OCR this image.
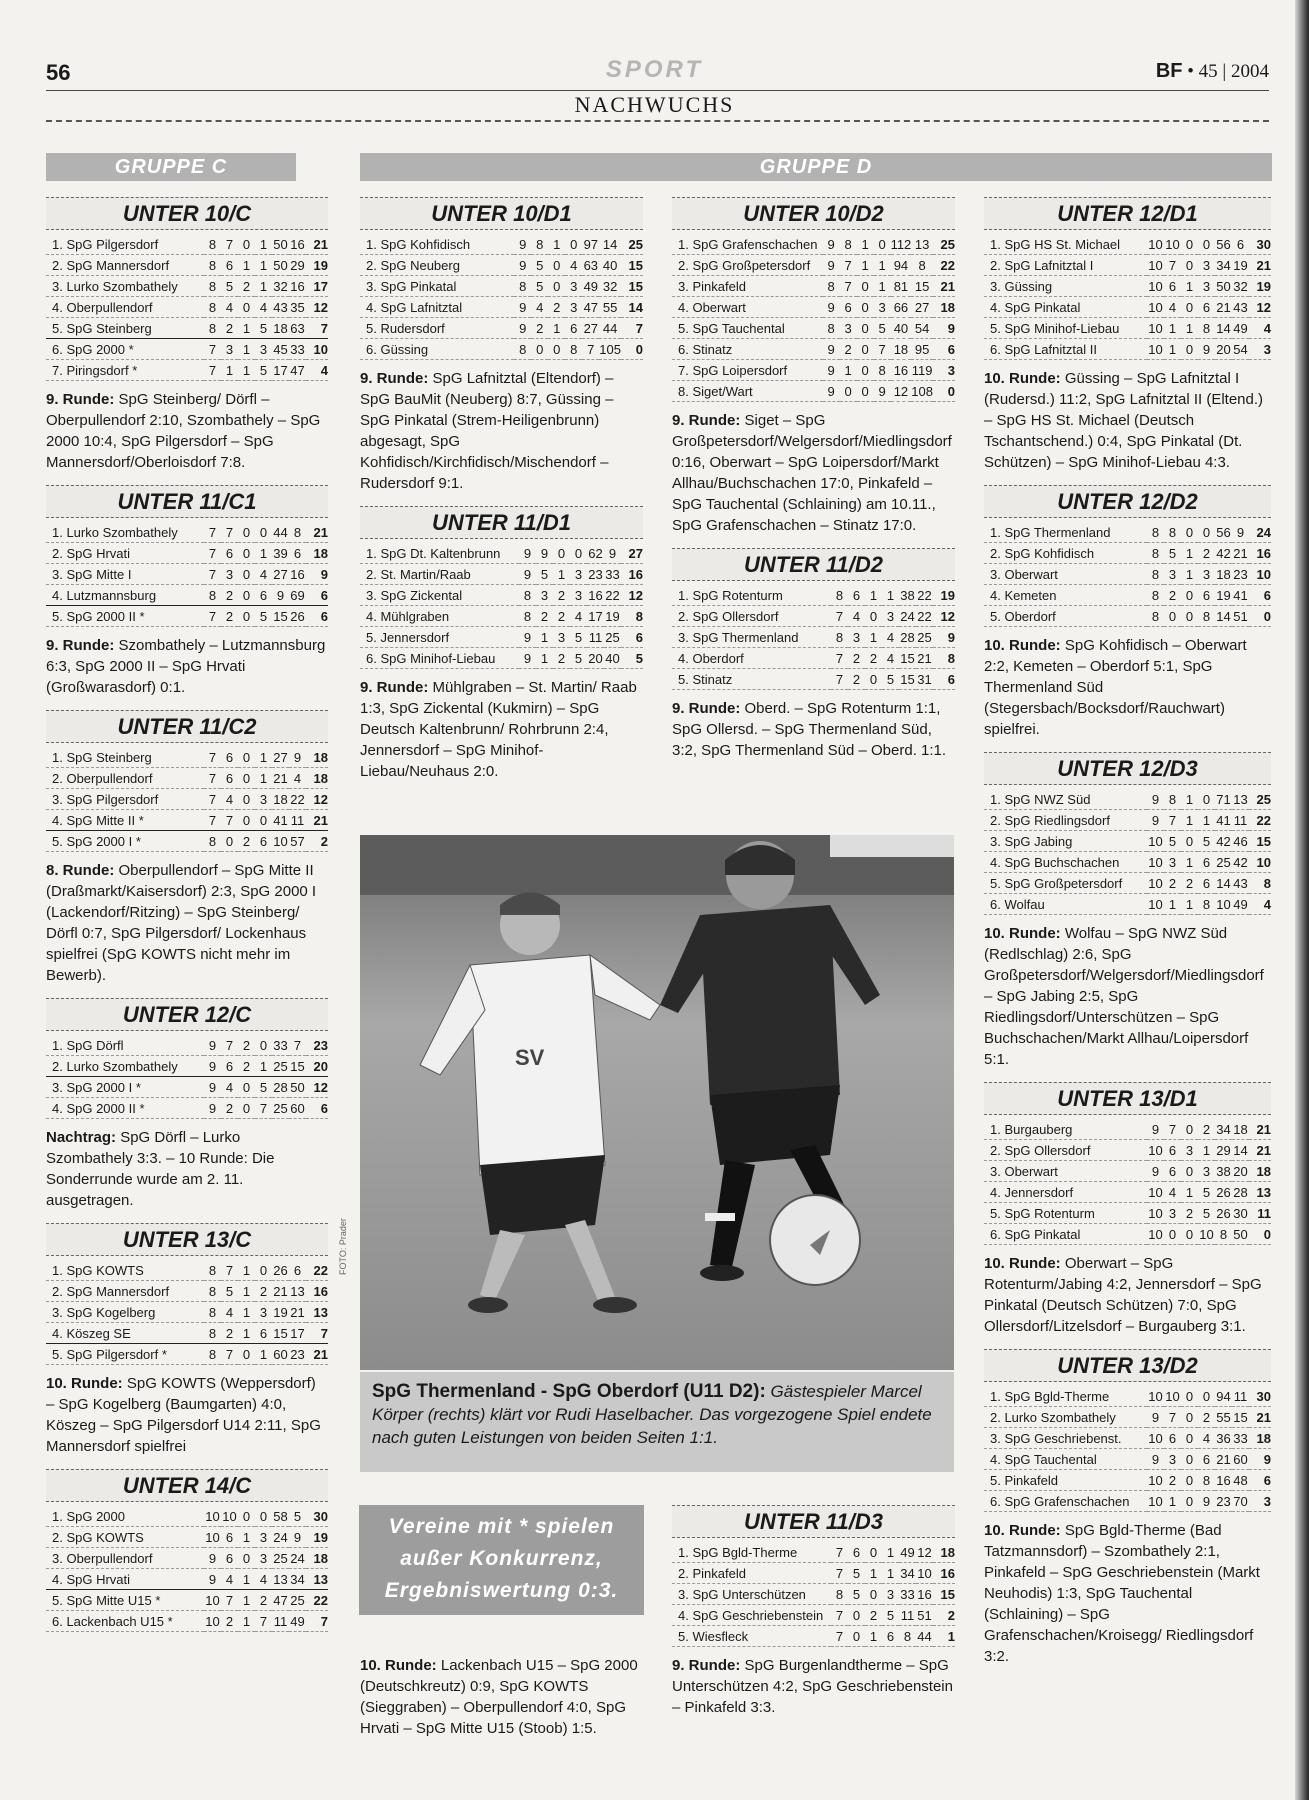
56	SPORT	BF • 45 | 2004
NACHWUCHS
GRUPPE C	GRUPPE D
UNTER 10/C
1. SpG Pilgersdorf	8	7	0	1	50	16	21
2. SpG Mannersdorf	8	6	1	1	50	29	19
3. Lurko Szombathely	8	5	2	1	32	16	17
4. Oberpullendorf	8	4	0	4	43	35	12
5. SpG Steinberg	8	2	1	5	18	63	7
6. SpG 2000 *	7	3	1	3	45	33	10
7. Piringsdorf *	7	1	1	5	17	47	4

9. Runde: SpG Steinberg/ Dörfl – Oberpullendorf 2:10, Szombathely – SpG 2000 10:4, SpG Pilgersdorf – SpG Mannersdorf/Oberloisdorf 7:8.

UNTER 11/C1
1. Lurko Szombathely	7	7	0	0	44	8	21
2. SpG Hrvati	7	6	0	1	39	6	18
3. SpG Mitte I	7	3	0	4	27	16	9
4. Lutzmannsburg	8	2	0	6	9	69	6
5. SpG 2000 II *	7	2	0	5	15	26	6

9. Runde: Szombathely – Lutzmannsburg 6:3, SpG 2000 II – SpG Hrvati (Großwarasdorf) 0:1.

UNTER 11/C2
1. SpG Steinberg	7	6	0	1	27	9	18
2. Oberpullendorf	7	6	0	1	21	4	18
3. SpG Pilgersdorf	7	4	0	3	18	22	12
4. SpG Mitte II *	7	7	0	0	41	11	21
5. SpG 2000 I *	8	0	2	6	10	57	2

8. Runde: Oberpullendorf – SpG Mitte II (Draßmarkt/Kaisersdorf) 2:3, SpG 2000 I (Lackendorf/Ritzing) – SpG Steinberg/ Dörfl 0:7, SpG Pilgersdorf/ Lockenhaus spielfrei (SpG KOWTS nicht mehr im Bewerb).

UNTER 12/C
1. SpG Dörfl	9	7	2	0	33	7	23
2. Lurko Szombathely	9	6	2	1	25	15	20
3. SpG 2000 I *	9	4	0	5	28	50	12
4. SpG 2000 II *	9	2	0	7	25	60	6

Nachtrag: SpG Dörfl – Lurko Szombathely 3:3. – 10 Runde: Die Sonderrunde wurde am 2. 11. ausgetragen.

UNTER 13/C
1. SpG KOWTS	8	7	1	0	26	6	22
2. SpG Mannersdorf	8	5	1	2	21	13	16
3. SpG Kogelberg	8	4	1	3	19	21	13
4. Köszeg SE	8	2	1	6	15	17	7
5. SpG Pilgersdorf *	8	7	0	1	60	23	21

10. Runde: SpG KOWTS (Weppersdorf) – SpG Kogelberg (Baumgarten) 4:0, Köszeg – SpG Pilgersdorf U14 2:11, SpG Mannersdorf spielfrei

UNTER 14/C
1. SpG 2000	10	10	0	0	58	5	30
2. SpG KOWTS	10	6	1	3	24	9	19
3. Oberpullendorf	9	6	0	3	25	24	18
4. SpG Hrvati	9	4	1	4	13	34	13
5. SpG Mitte U15 *	10	7	1	2	47	25	22
6. Lackenbach U15 *	10	2	1	7	11	49	7
UNTER 10/D1
1. SpG Kohfidisch	9	8	1	0	97	14	25
2. SpG Neuberg	9	5	0	4	63	40	15
3. SpG Pinkatal	8	5	0	3	49	32	15
4. SpG Lafnitztal	9	4	2	3	47	55	14
5. Rudersdorf	9	2	1	6	27	44	7
6. Güssing	8	0	0	8	7	105	0

9. Runde: SpG Lafnitztal (Eltendorf) – SpG BauMit (Neuberg) 8:7, Güssing – SpG Pinkatal (Strem-Heiligenbrunn) abgesagt, SpG Kohfidisch/Kirchfidisch/Mischendorf – Rudersdorf 9:1.

UNTER 11/D1
1. SpG Dt. Kaltenbrunn	9	9	0	0	62	9	27
2. St. Martin/Raab	9	5	1	3	23	33	16
3. SpG Zickental	8	3	2	3	16	22	12
4. Mühlgraben	8	2	2	4	17	19	8
5. Jennersdorf	9	1	3	5	11	25	6
6. SpG Minihof-Liebau	9	1	2	5	20	40	5

9. Runde: Mühlgraben – St. Martin/ Raab 1:3, SpG Zickental (Kukmirn) – SpG Deutsch Kaltenbrunn/ Rohrbrunn 2:4, Jennersdorf – SpG Minihof-Liebau/Neuhaus 2:0.

UNTER 10/D2
1. SpG Grafenschachen	9	8	1	0	112	13	25
2. SpG Großpetersdorf	9	7	1	1	94	8	22
3. Pinkafeld	8	7	0	1	81	15	21
4. Oberwart	9	6	0	3	66	27	18
5. SpG Tauchental	8	3	0	5	40	54	9
6. Stinatz	9	2	0	7	18	95	6
7. SpG Loipersdorf	9	1	0	8	16	119	3
8. Siget/Wart	9	0	0	9	12	108	0

9. Runde: Siget – SpG Großpetersdorf/Welgersdorf/Miedlingsdorf 0:16, Oberwart – SpG Loipersdorf/Markt Allhau/Buchschachen 17:0, Pinkafeld – SpG Tauchental (Schlaining) am 10.11., SpG Grafenschachen – Stinatz 17:0.

UNTER 11/D2
1. SpG Rotenturm	8	6	1	1	38	22	19
2. SpG Ollersdorf	7	4	0	3	24	22	12
3. SpG Thermenland	8	3	1	4	28	25	9
4. Oberdorf	7	2	2	4	15	21	8
5. Stinatz	7	2	0	5	15	31	6

9. Runde: Oberd. – SpG Rotenturm 1:1, SpG Ollersd. – SpG Thermenland Süd, 3:2, SpG Thermenland Süd – Oberd. 1:1.

UNTER 12/D1
1. SpG HS St. Michael	10	10	0	0	56	6	30
2. SpG Lafnitztal I	10	7	0	3	34	19	21
3. Güssing	10	6	1	3	50	32	19
4. SpG Pinkatal	10	4	0	6	21	43	12
5. SpG Minihof-Liebau	10	1	1	8	14	49	4
6. SpG Lafnitztal II	10	1	0	9	20	54	3

10. Runde: Güssing – SpG Lafnitztal I (Rudersd.) 11:2, SpG Lafnitztal II (Eltend.) – SpG HS St. Michael (Deutsch Tschantschend.) 0:4, SpG Pinkatal (Dt. Schützen) – SpG Minihof-Liebau 4:3.

UNTER 12/D2
1. SpG Thermenland	8	8	0	0	56	9	24
2. SpG Kohfidisch	8	5	1	2	42	21	16
3. Oberwart	8	3	1	3	18	23	10
4. Kemeten	8	2	0	6	19	41	6
5. Oberdorf	8	0	0	8	14	51	0

10. Runde: SpG Kohfidisch – Oberwart 2:2, Kemeten – Oberdorf 5:1, SpG Thermenland Süd (Stegersbach/Bocksdorf/Rauchwart) spielfrei.

UNTER 12/D3
1. SpG NWZ Süd	9	8	1	0	71	13	25
2. SpG Riedlingsdorf	9	7	1	1	41	11	22
3. SpG Jabing	10	5	0	5	42	46	15
4. SpG Buchschachen	10	3	1	6	25	42	10
5. SpG Großpetersdorf	10	2	2	6	14	43	8
6. Wolfau	10	1	1	8	10	49	4

10. Runde: Wolfau – SpG NWZ Süd (Redlschlag) 2:6, SpG Großpetersdorf/Welgersdorf/Miedlingsdorf – SpG Jabing 2:5, SpG Riedlingsdorf/Unterschützen – SpG Buchschachen/Markt Allhau/Loipersdorf 5:1.

UNTER 13/D1
1. Burgauberg	9	7	0	2	34	18	21
2. SpG Ollersdorf	10	6	3	1	29	14	21
3. Oberwart	9	6	0	3	38	20	18
4. Jennersdorf	10	4	1	5	26	28	13
5. SpG Rotenturm	10	3	2	5	26	30	11
6. SpG Pinkatal	10	0	0	10	8	50	0

10. Runde: Oberwart – SpG Rotenturm/Jabing 4:2, Jennersdorf – SpG Pinkatal (Deutsch Schützen) 7:0, SpG Ollersdorf/Litzelsdorf – Burgauberg 3:1.

UNTER 13/D2
1. SpG Bgld-Therme	10	10	0	0	94	11	30
2. Lurko Szombathely	9	7	0	2	55	15	21
3. SpG Geschriebenst.	10	6	0	4	36	33	18
4. SpG Tauchental	9	3	0	6	21	60	9
5. Pinkafeld	10	2	0	8	16	48	6
6. SpG Grafenschachen	10	1	0	9	23	70	3

10. Runde: SpG Bgld-Therme (Bad Tatzmannsdorf) – Szombathely 2:1, Pinkafeld – SpG Geschriebenstein (Markt Neuhodis) 1:3, SpG Tauchental (Schlaining) – SpG Grafenschachen/Kroisegg/ Riedlingsdorf 3:2.

UNTER 11/D3
1. SpG Bgld-Therme	7	6	0	1	49	12	18
2. Pinkafeld	7	5	1	1	34	10	16
3. SpG Unterschützen	8	5	0	3	33	16	15
4. SpG Geschriebenstein	7	0	2	5	11	51	2
5. Wiesfleck	7	0	1	6	8	44	1

9. Runde: SpG Burgenlandtherme – SpG Unterschützen 4:2, SpG Geschriebenstein – Pinkafeld 3:3.

SV
FOTO: Prader

SpG Thermenland - SpG Oberdorf (U11 D2): Gästespieler Marcel Körper (rechts) klärt vor Rudi Haselbacher. Das vorgezogene Spiel endete nach guten Leistungen von beiden Seiten 1:1.

Vereine mit * spielen
außer Konkurrenz,
Ergebniswertung 0:3.

10. Runde: Lackenbach U15 – SpG 2000 (Deutschkreutz) 0:9, SpG KOWTS (Sieggraben) – Oberpullendorf 4:0, SpG Hrvati – SpG Mitte U15 (Stoob) 1:5.
